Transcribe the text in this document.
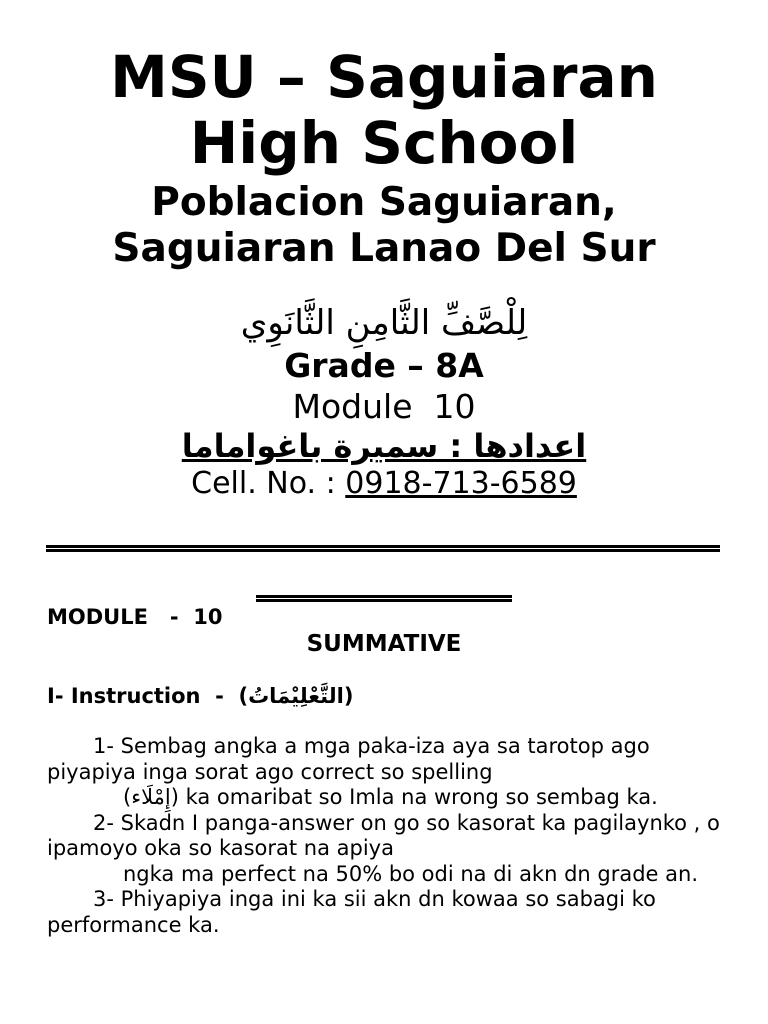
MSU – Saguiaran
High School
Poblacion Saguiaran,
Saguiaran Lanao Del Sur
لِلْصَّفِّ الثَّامِنِ الثَّانَوِي
Grade – 8A
Module  10
اعدادها : سميرة باغواماما
Cell. No. : 0918-713-6589
MODULE   -  10
SUMMATIVE
I- Instruction  -  (التَّعْلِيْمَاتُ)

1- Sembag angka a mga paka-iza aya sa tarotop ago piyapiya inga sorat ago correct so spelling

(إِمْلَاء) ka omaribat so Imla na wrong so sembag ka.

2- Skadn I panga-answer on go so kasorat ka pagilaynko , o ipamoyo oka so kasorat na apiya

ngka ma perfect na 50% bo odi na di akn dn grade an.

3- Phiyapiya inga ini ka sii akn dn kowaa so sabagi ko performance ka.
